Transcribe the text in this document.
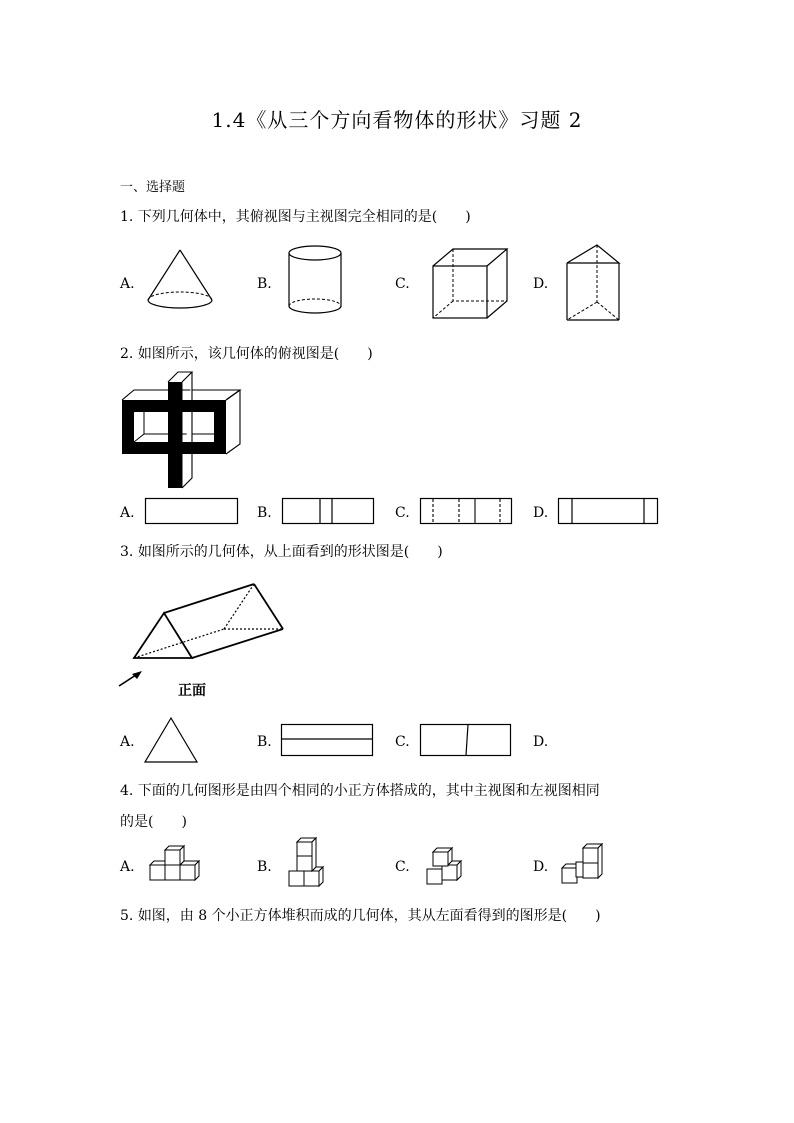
1.4《从三个方向看物体的形状》习题 2
一、选择题
1. 下列几何体中，其俯视图与主视图完全相同的是(　　)
A.	B.	C.	D.
2. 如图所示，该几何体的俯视图是(　　)
A.	B.	C.	D.
3. 如图所示的几何体，从上面看到的形状图是(　　)
正面
A.	B.	C.	D.
4. 下面的几何图形是由四个相同的小正方体搭成的，其中主视图和左视图相同
的是(　　)
A.	B.	C.	D.
5. 如图，由 8 个小正方体堆积而成的几何体，其从左面看得到的图形是(　　)
